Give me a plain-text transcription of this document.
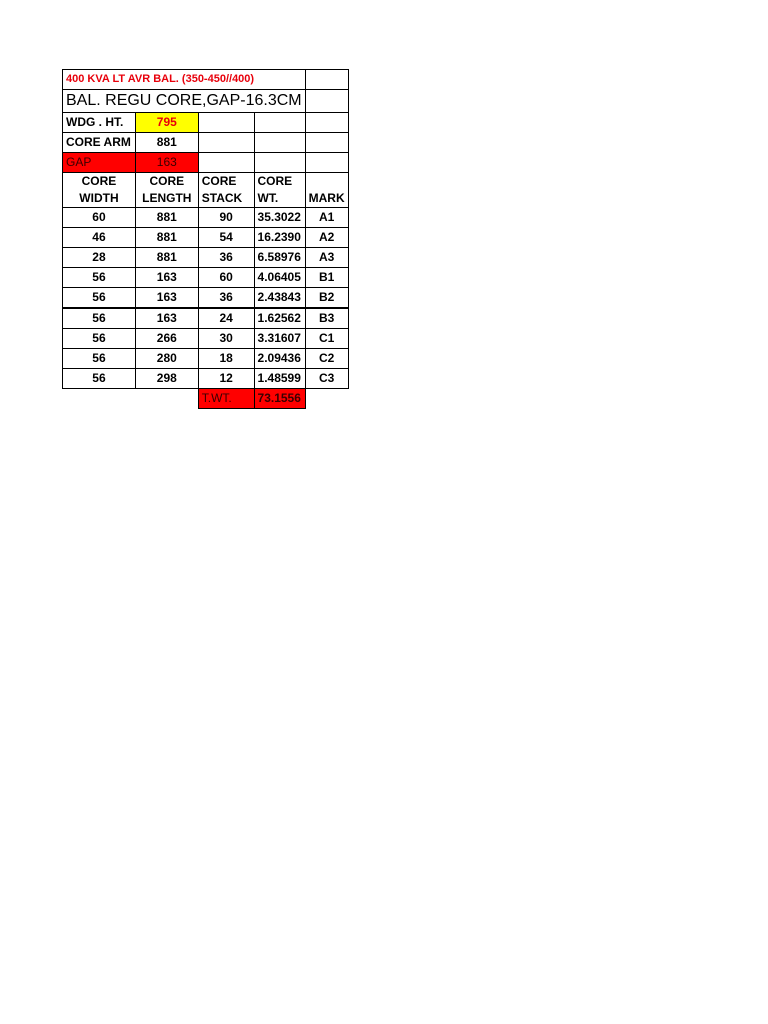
400 KVA LT AVR BAL. (350-450//400)				
BAL. REGU CORE,GAP-16.3CM				
WDG . HT.	795			
CORE ARM	881			
GAP	163			
CORE	CORE	CORE	CORE	
WIDTH	LENGTH	STACK	WT.	MARK
60	881	90	35.3022	A1
46	881	54	16.2390	A2
28	881	36	6.58976	A3
56	163	60	4.06405	B1
56	163	36	2.43843	B2
56	163	24	1.62562	B3
56	266	30	3.31607	C1
56	280	18	2.09436	C2
56	298	12	1.48599	C3
		T.WT.	73.1556	
